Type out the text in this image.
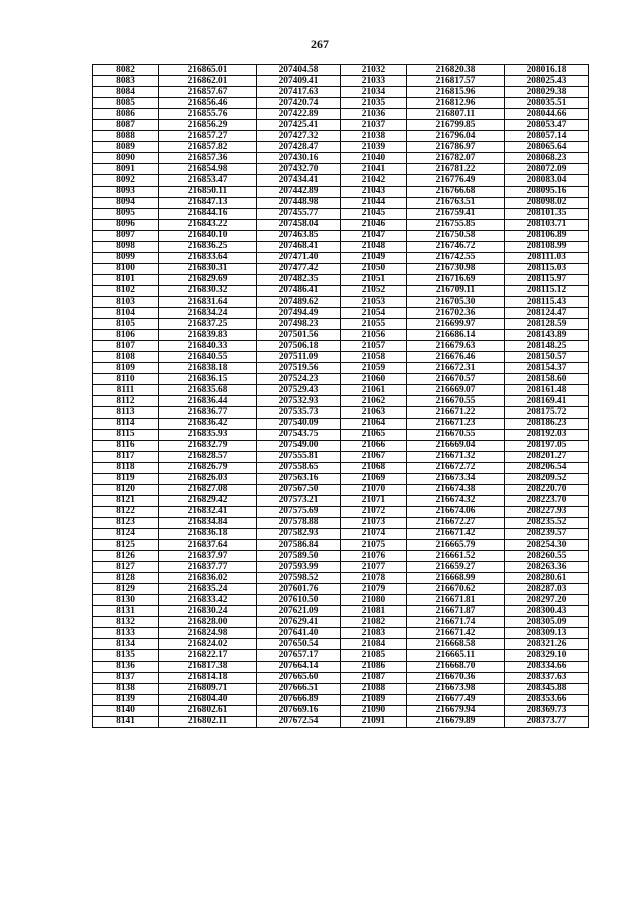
267
8082	216865.01	207404.58	21032	216820.38	208016.18
8083	216862.01	207409.41	21033	216817.57	208025.43
8084	216857.67	207417.63	21034	216815.96	208029.38
8085	216856.46	207420.74	21035	216812.96	208035.51
8086	216855.76	207422.89	21036	216807.11	208044.66
8087	216856.29	207425.41	21037	216799.85	208053.47
8088	216857.27	207427.32	21038	216796.04	208057.14
8089	216857.82	207428.47	21039	216786.97	208065.64
8090	216857.36	207430.16	21040	216782.07	208068.23
8091	216854.98	207432.70	21041	216781.22	208072.09
8092	216853.47	207434.41	21042	216776.49	208083.04
8093	216850.11	207442.89	21043	216766.68	208095.16
8094	216847.13	207448.98	21044	216763.51	208098.02
8095	216844.16	207455.77	21045	216759.41	208101.35
8096	216843.22	207458.04	21046	216755.85	208103.71
8097	216840.10	207463.85	21047	216750.58	208106.89
8098	216836.25	207468.41	21048	216746.72	208108.99
8099	216833.64	207471.40	21049	216742.55	208111.03
8100	216830.31	207477.42	21050	216730.98	208115.03
8101	216829.69	207482.35	21051	216716.69	208115.97
8102	216830.32	207486.41	21052	216709.11	208115.12
8103	216831.64	207489.62	21053	216705.30	208115.43
8104	216834.24	207494.49	21054	216702.36	208124.47
8105	216837.25	207498.23	21055	216699.97	208128.59
8106	216839.83	207501.56	21056	216686.14	208143.89
8107	216840.33	207506.18	21057	216679.63	208148.25
8108	216840.55	207511.09	21058	216676.46	208150.57
8109	216838.18	207519.56	21059	216672.31	208154.37
8110	216836.15	207524.23	21060	216670.57	208158.60
8111	216835.68	207529.43	21061	216669.07	208161.48
8112	216836.44	207532.93	21062	216670.55	208169.41
8113	216836.77	207535.73	21063	216671.22	208175.72
8114	216836.42	207540.09	21064	216671.23	208186.23
8115	216835.93	207543.75	21065	216670.55	208192.03
8116	216832.79	207549.00	21066	216669.04	208197.05
8117	216828.57	207555.81	21067	216671.32	208201.27
8118	216826.79	207558.65	21068	216672.72	208206.54
8119	216826.03	207563.16	21069	216673.34	208209.52
8120	216827.08	207567.50	21070	216674.38	208220.70
8121	216829.42	207573.21	21071	216674.32	208223.70
8122	216832.41	207575.69	21072	216674.06	208227.93
8123	216834.84	207578.88	21073	216672.27	208235.52
8124	216836.18	207582.93	21074	216671.42	208239.57
8125	216837.64	207586.84	21075	216665.79	208254.30
8126	216837.97	207589.50	21076	216661.52	208260.55
8127	216837.77	207593.99	21077	216659.27	208263.36
8128	216836.02	207598.52	21078	216668.99	208280.61
8129	216835.24	207601.76	21079	216670.62	208287.03
8130	216833.42	207610.50	21080	216671.81	208297.20
8131	216830.24	207621.09	21081	216671.87	208300.43
8132	216828.00	207629.41	21082	216671.74	208305.09
8133	216824.98	207641.40	21083	216671.42	208309.13
8134	216824.02	207650.54	21084	216668.58	208321.26
8135	216822.17	207657.17	21085	216665.11	208329.10
8136	216817.38	207664.14	21086	216668.70	208334.66
8137	216814.18	207665.60	21087	216670.36	208337.63
8138	216809.71	207666.51	21088	216673.98	208345.88
8139	216804.40	207666.89	21089	216677.49	208353.66
8140	216802.61	207669.16	21090	216679.94	208369.73
8141	216802.11	207672.54	21091	216679.89	208373.77
